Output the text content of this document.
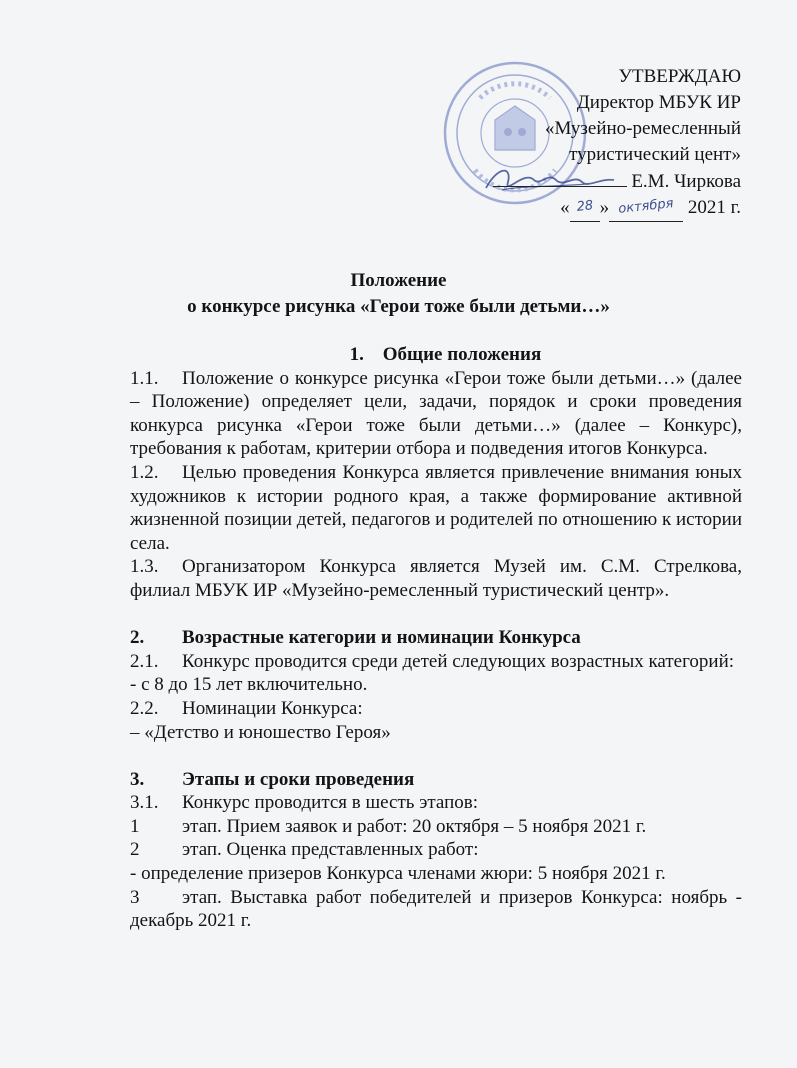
УТВЕРЖДАЮ
Директор МБУК ИР
«Музейно-ремесленный
туристический цент»
Е.М. Чиркова
« 28 » октября 2021 г.
Положение
о конкурсе рисунка «Герои тоже были детьми…»

1. Общие положения

1.1. Положение о конкурсе рисунка «Герои тоже были детьми…» (далее – Положение) определяет цели, задачи, порядок и сроки проведения конкурса рисунка «Герои тоже были детьми…» (далее – Конкурс), требования к работам, критерии отбора и подведения итогов Конкурса.

1.2. Целью проведения Конкурса является привлечение внимания юных художников к истории родного края, а также формирование активной жизненной позиции детей, педагогов и родителей по отношению к истории села.

1.3. Организатором Конкурса является Музей им. С.М. Стрелкова, филиал МБУК ИР «Музейно-ремесленный туристический центр».

2. Возрастные категории и номинации Конкурса

2.1. Конкурс проводится среди детей следующих возрастных категорий:

- с 8 до 15 лет включительно.

2.2. Номинации Конкурса:

– «Детство и юношество Героя»

3. Этапы и сроки проведения

3.1. Конкурс проводится в шесть этапов:

1 этап. Прием заявок и работ: 20 октября – 5 ноября 2021 г.

2 этап. Оценка представленных работ:

- определение призеров Конкурса членами жюри: 5 ноября 2021 г.

3 этап. Выставка работ победителей и призеров Конкурса: ноябрь - декабрь 2021 г.
